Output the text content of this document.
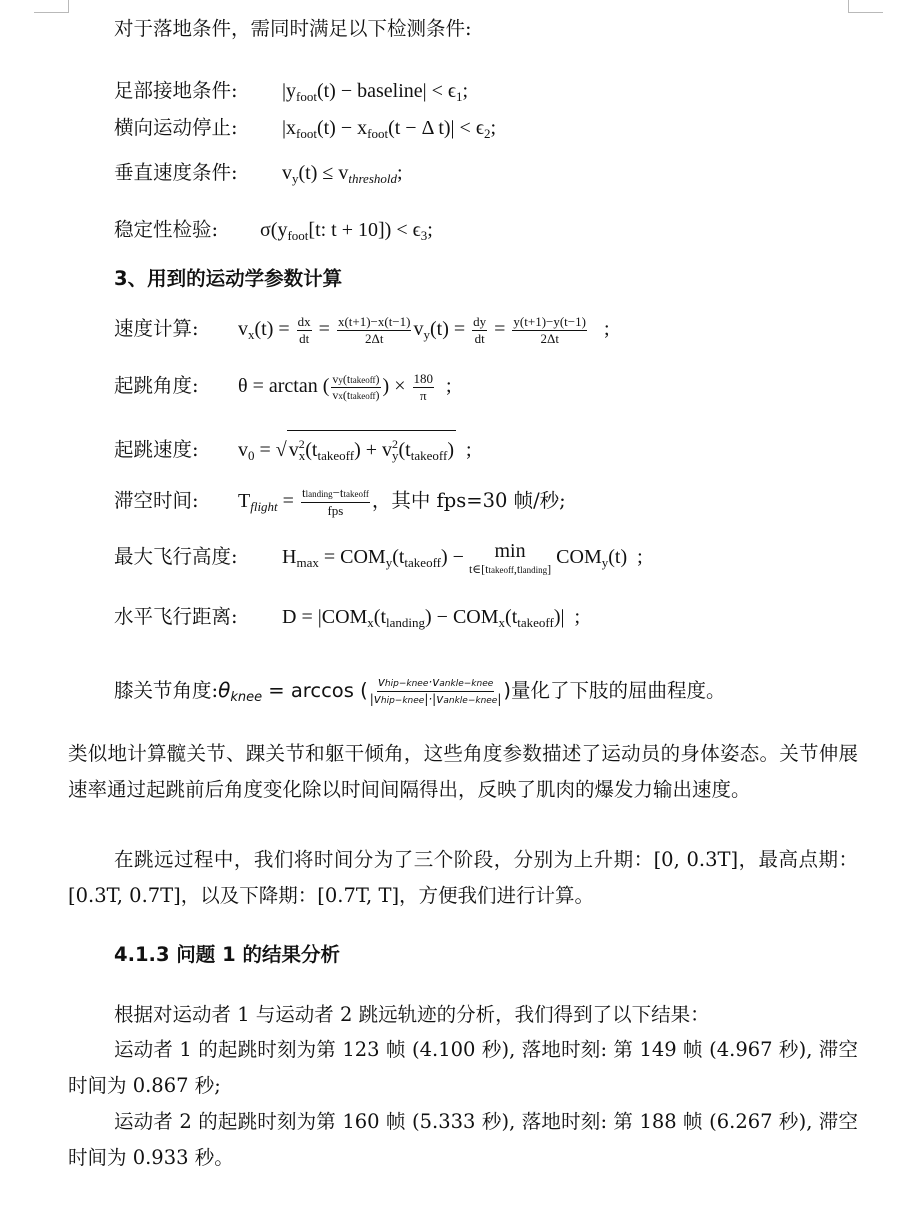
对于落地条件，需同时满足以下检测条件:
足部接地条件: $|y_{foot}(t)$ − baseline| < $\epsilon_1$;
横向运动停止: $|x_{foot}(t) - x_{foot}(t - \Delta$ $t)| < \epsilon_2$;
垂直速度条件: $v_y(t) \le v_{threshold}$;
稳定性检验: $\sigma(y_{foot}[t$: $t + 10]) < \epsilon_3$;
3、用到的运动学参数计算
速度计算: $v_x(t) = \frac{dx}{dt} = \frac{x(t+1)-x(t-1)}{2\Delta t} v_y(t) = \frac{dy}{dt} = \frac{y(t+1)-y(t-1)}{2\Delta t}$ ;
起跳角度: θ = arctan ( $\frac{\text{vy(ttakeoff)}}{\text{vx(ttakeoff)}}$ ) × $\frac{180}{\pi}$ ;
起跳速度: $v_0$ = √ $v^2_x(t_{takeoff}) + v^2_y(t_{takeoff})$  ;
滞空时间: $T_{flight} = \frac{\text{tlanding−ttakeoff}}{\text{fps}}$ ，其中 fps=30 帧/秒;
最大飞行高度: $H_{max} = COM_y(t_{takeoff}) - \min$
t∈[ttakeoff,tlanding]
$COM_y(t)$  ;
水平飞行距离: $D = |COM_x(t_{landing}) - COM_x(t_{takeoff})|$  ;
膝关节角度$:\theta_{knee} = \arccos$ ( $\frac{\text{vhip−knee·vankle−knee}}{\text{|vhip−knee|·|vankle−knee|}}$ )量化了下肢的屈曲程度。
类似地计算髋关节、踝关节和躯干倾角，这些角度参数描述了运动员的身体姿态。关节伸展速率通过起跳前后角度变化除以时间间隔得出，反映了肌肉的爆发力输出速度。
在跳远过程中，我们将时间分为了三个阶段，分别为上升期：[0, 0.3T]，最高点期：[0.3T, 0.7T]，以及下降期：[0.7T, T]，方便我们进行计算。
4.1.3 问题 1 的结果分析
根据对运动者 1 与运动者 2 跳远轨迹的分析，我们得到了以下结果：
运动者 1 的起跳时刻为第 123 帧 (4.100 秒), 落地时刻: 第 149 帧 (4.967 秒), 滞空时间为 0.867 秒;
运动者 2 的起跳时刻为第 160 帧 (5.333 秒), 落地时刻: 第 188 帧 (6.267 秒), 滞空时间为 0.933 秒。
